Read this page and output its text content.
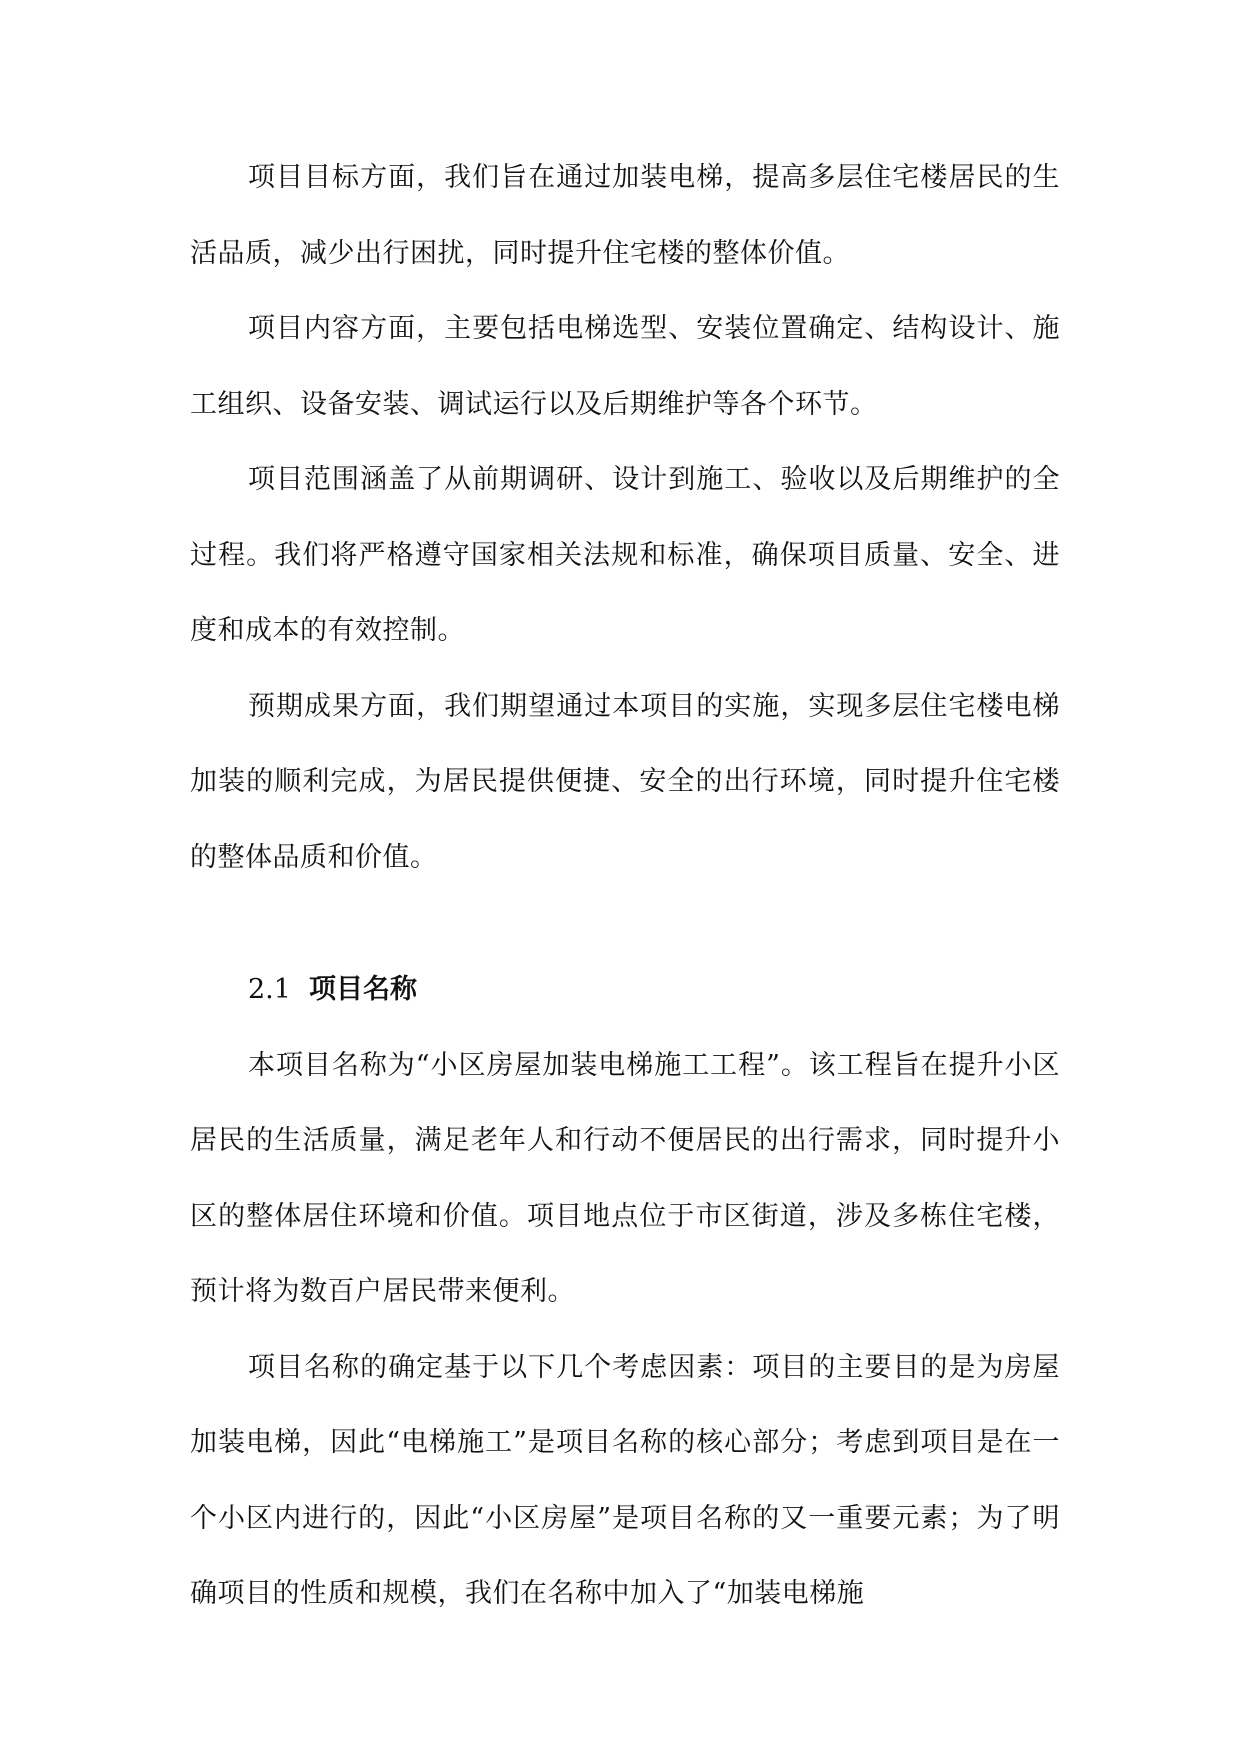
项目目标方面，我们旨在通过加装电梯，提高多层住宅楼居民的生活品质，减少出行困扰，同时提升住宅楼的整体价值。

项目内容方面，主要包括电梯选型、安装位置确定、结构设计、施工组织、设备安装、调试运行以及后期维护等各个环节。

项目范围涵盖了从前期调研、设计到施工、验收以及后期维护的全过程。我们将严格遵守国家相关法规和标准，确保项目质量、安全、进度和成本的有效控制。

预期成果方面，我们期望通过本项目的实施，实现多层住宅楼电梯加装的顺利完成，为居民提供便捷、安全的出行环境，同时提升住宅楼的整体品质和价值。

2.1 项目名称

本项目名称为“小区房屋加装电梯施工工程”。该工程旨在提升小区居民的生活质量，满足老年人和行动不便居民的出行需求，同时提升小区的整体居住环境和价值。项目地点位于市区街道，涉及多栋住宅楼，预计将为数百户居民带来便利。

项目名称的确定基于以下几个考虑因素：项目的主要目的是为房屋加装电梯，因此“电梯施工”是项目名称的核心部分；考虑到项目是在一个小区内进行的，因此“小区房屋”是项目名称的又一重要元素；为了明确项目的性质和规模，我们在名称中加入了“加装电梯施
